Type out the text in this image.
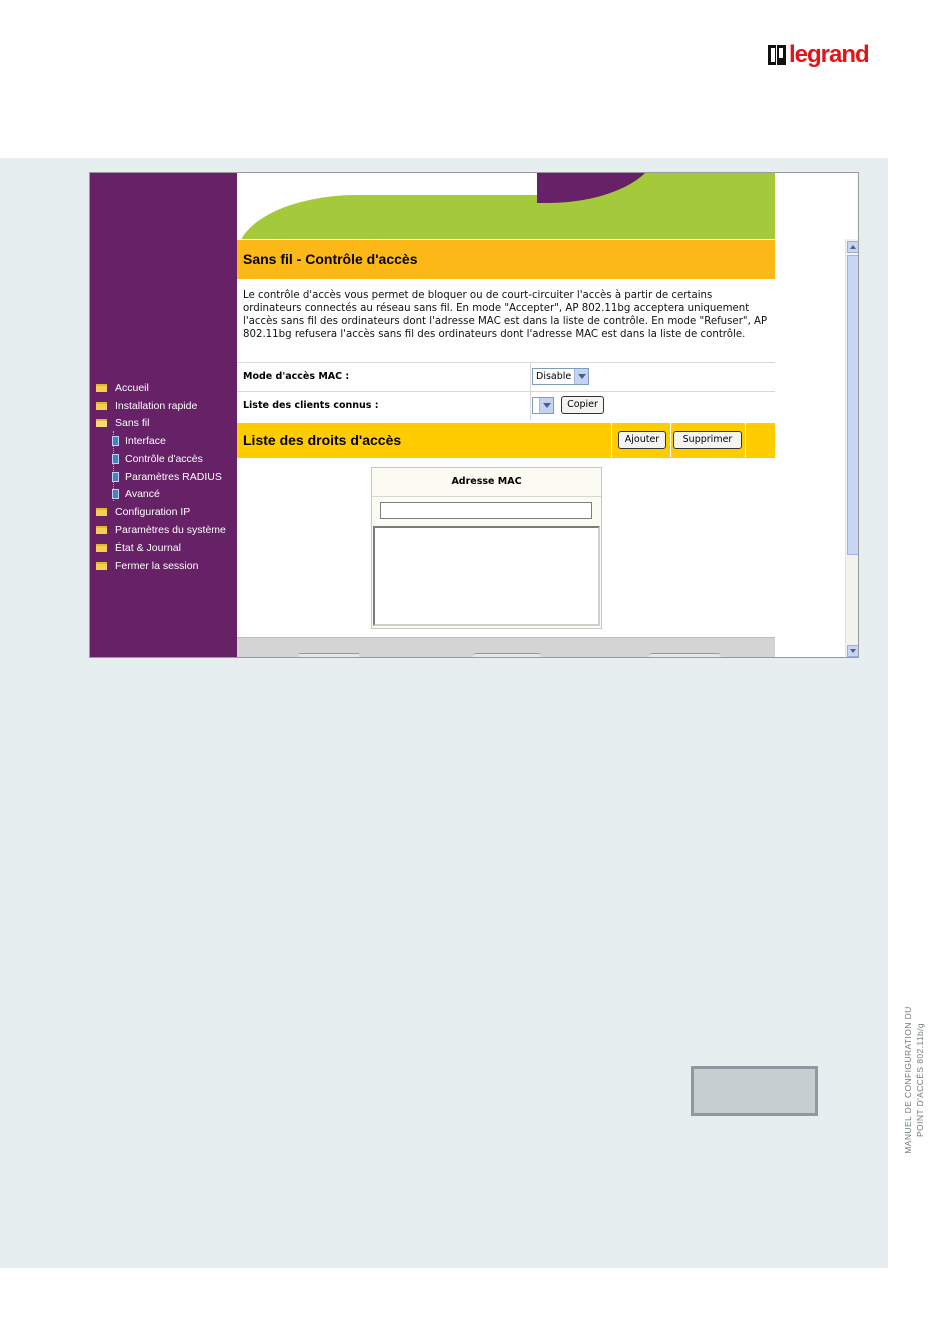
legrand
Accueil
Installation rapide
Sans fil
Interface
Contrôle d'accès
Paramètres RADIUS
Avancé
Configuration IP
Paramètres du système
État & Journal
Fermer la session
Sans fil - Contrôle d'accès
Le contrôle d'accès vous permet de bloquer ou de court-circuiter l'accès à partir de certains ordinateurs connectés au réseau sans fil. En mode "Accepter", AP 802.11bg acceptera uniquement l'accès sans fil des ordinateurs dont l'adresse MAC est dans la liste de contrôle. En mode "Refuser", AP 802.11bg refusera l'accès sans fil des ordinateurs dont l'adresse MAC est dans la liste de contrôle.
Mode d'accès MAC :	Disable
Liste des clients connus :	Copier
Liste des droits d'accès	Ajouter	Supprimer
Adresse MAC
MANUEL DE CONFIGURATION DU POINT D'ACCÈS 802.11b/g
